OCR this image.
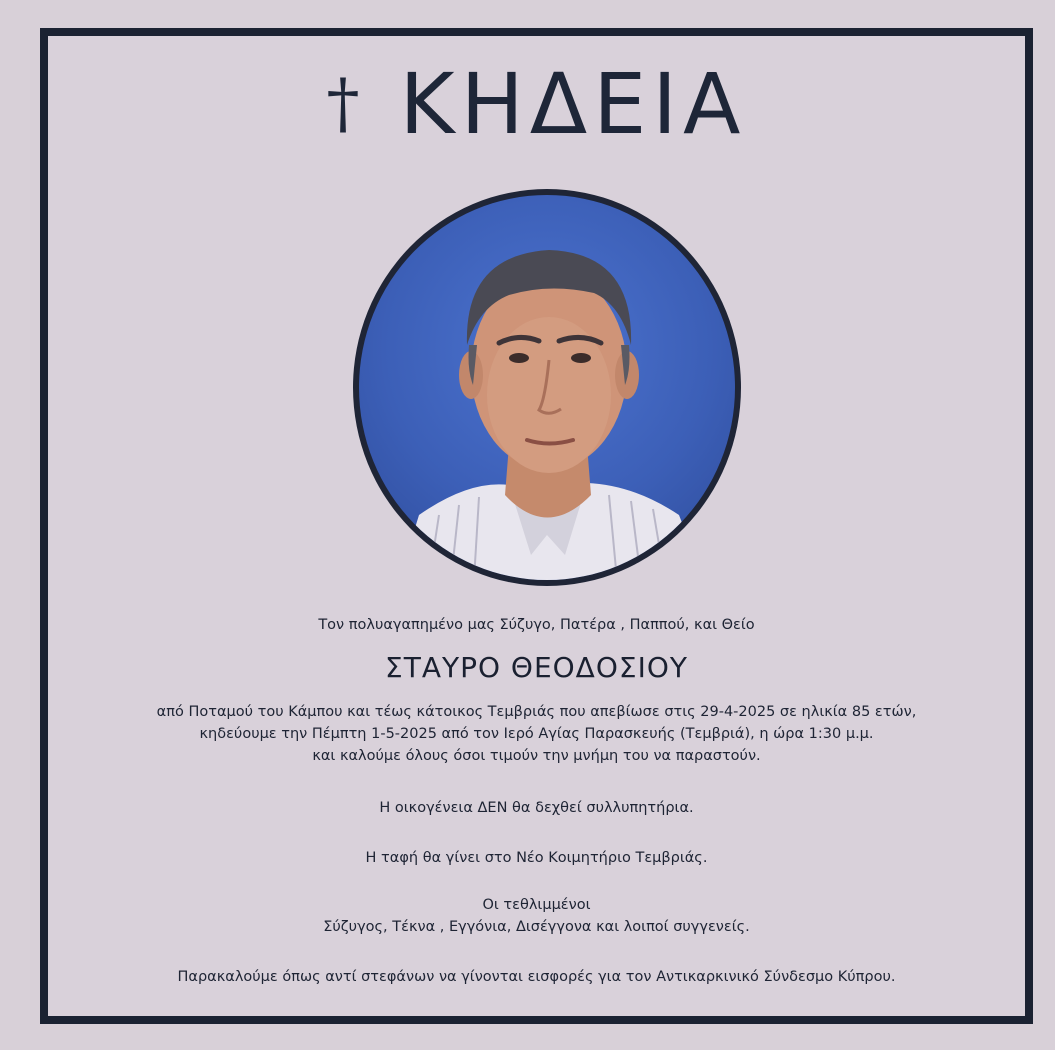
† ΚΗΔΕΙΑ
Τον πολυαγαπημένο μας Σύζυγο, Πατέρα , Παππού, και Θείο
ΣΤΑΥΡΟ ΘΕΟΔΟΣΙΟΥ
από Ποταμού του Κάμπου και τέως κάτοικος Τεμβριάς που απεβίωσε στις 29-4-2025 σε ηλικία 85 ετών,
κηδεύουμε την Πέμπτη 1-5-2025 από τον Ιερό Αγίας Παρασκευής (Τεμβριά), η ώρα 1:30 μ.μ.
και καλούμε όλους όσοι τιμούν την μνήμη του να παραστούν.
Η οικογένεια ΔΕΝ θα δεχθεί συλλυπητήρια.
Η ταφή θα γίνει στο Νέο Κοιμητήριο Τεμβριάς.
Οι τεθλιμμένοι
Σύζυγος, Τέκνα , Εγγόνια, Δισέγγονα και λοιποί συγγενείς.
Παρακαλούμε όπως αντί στεφάνων να γίνονται εισφορές για τον Αντικαρκινικό Σύνδεσμο Κύπρου.
